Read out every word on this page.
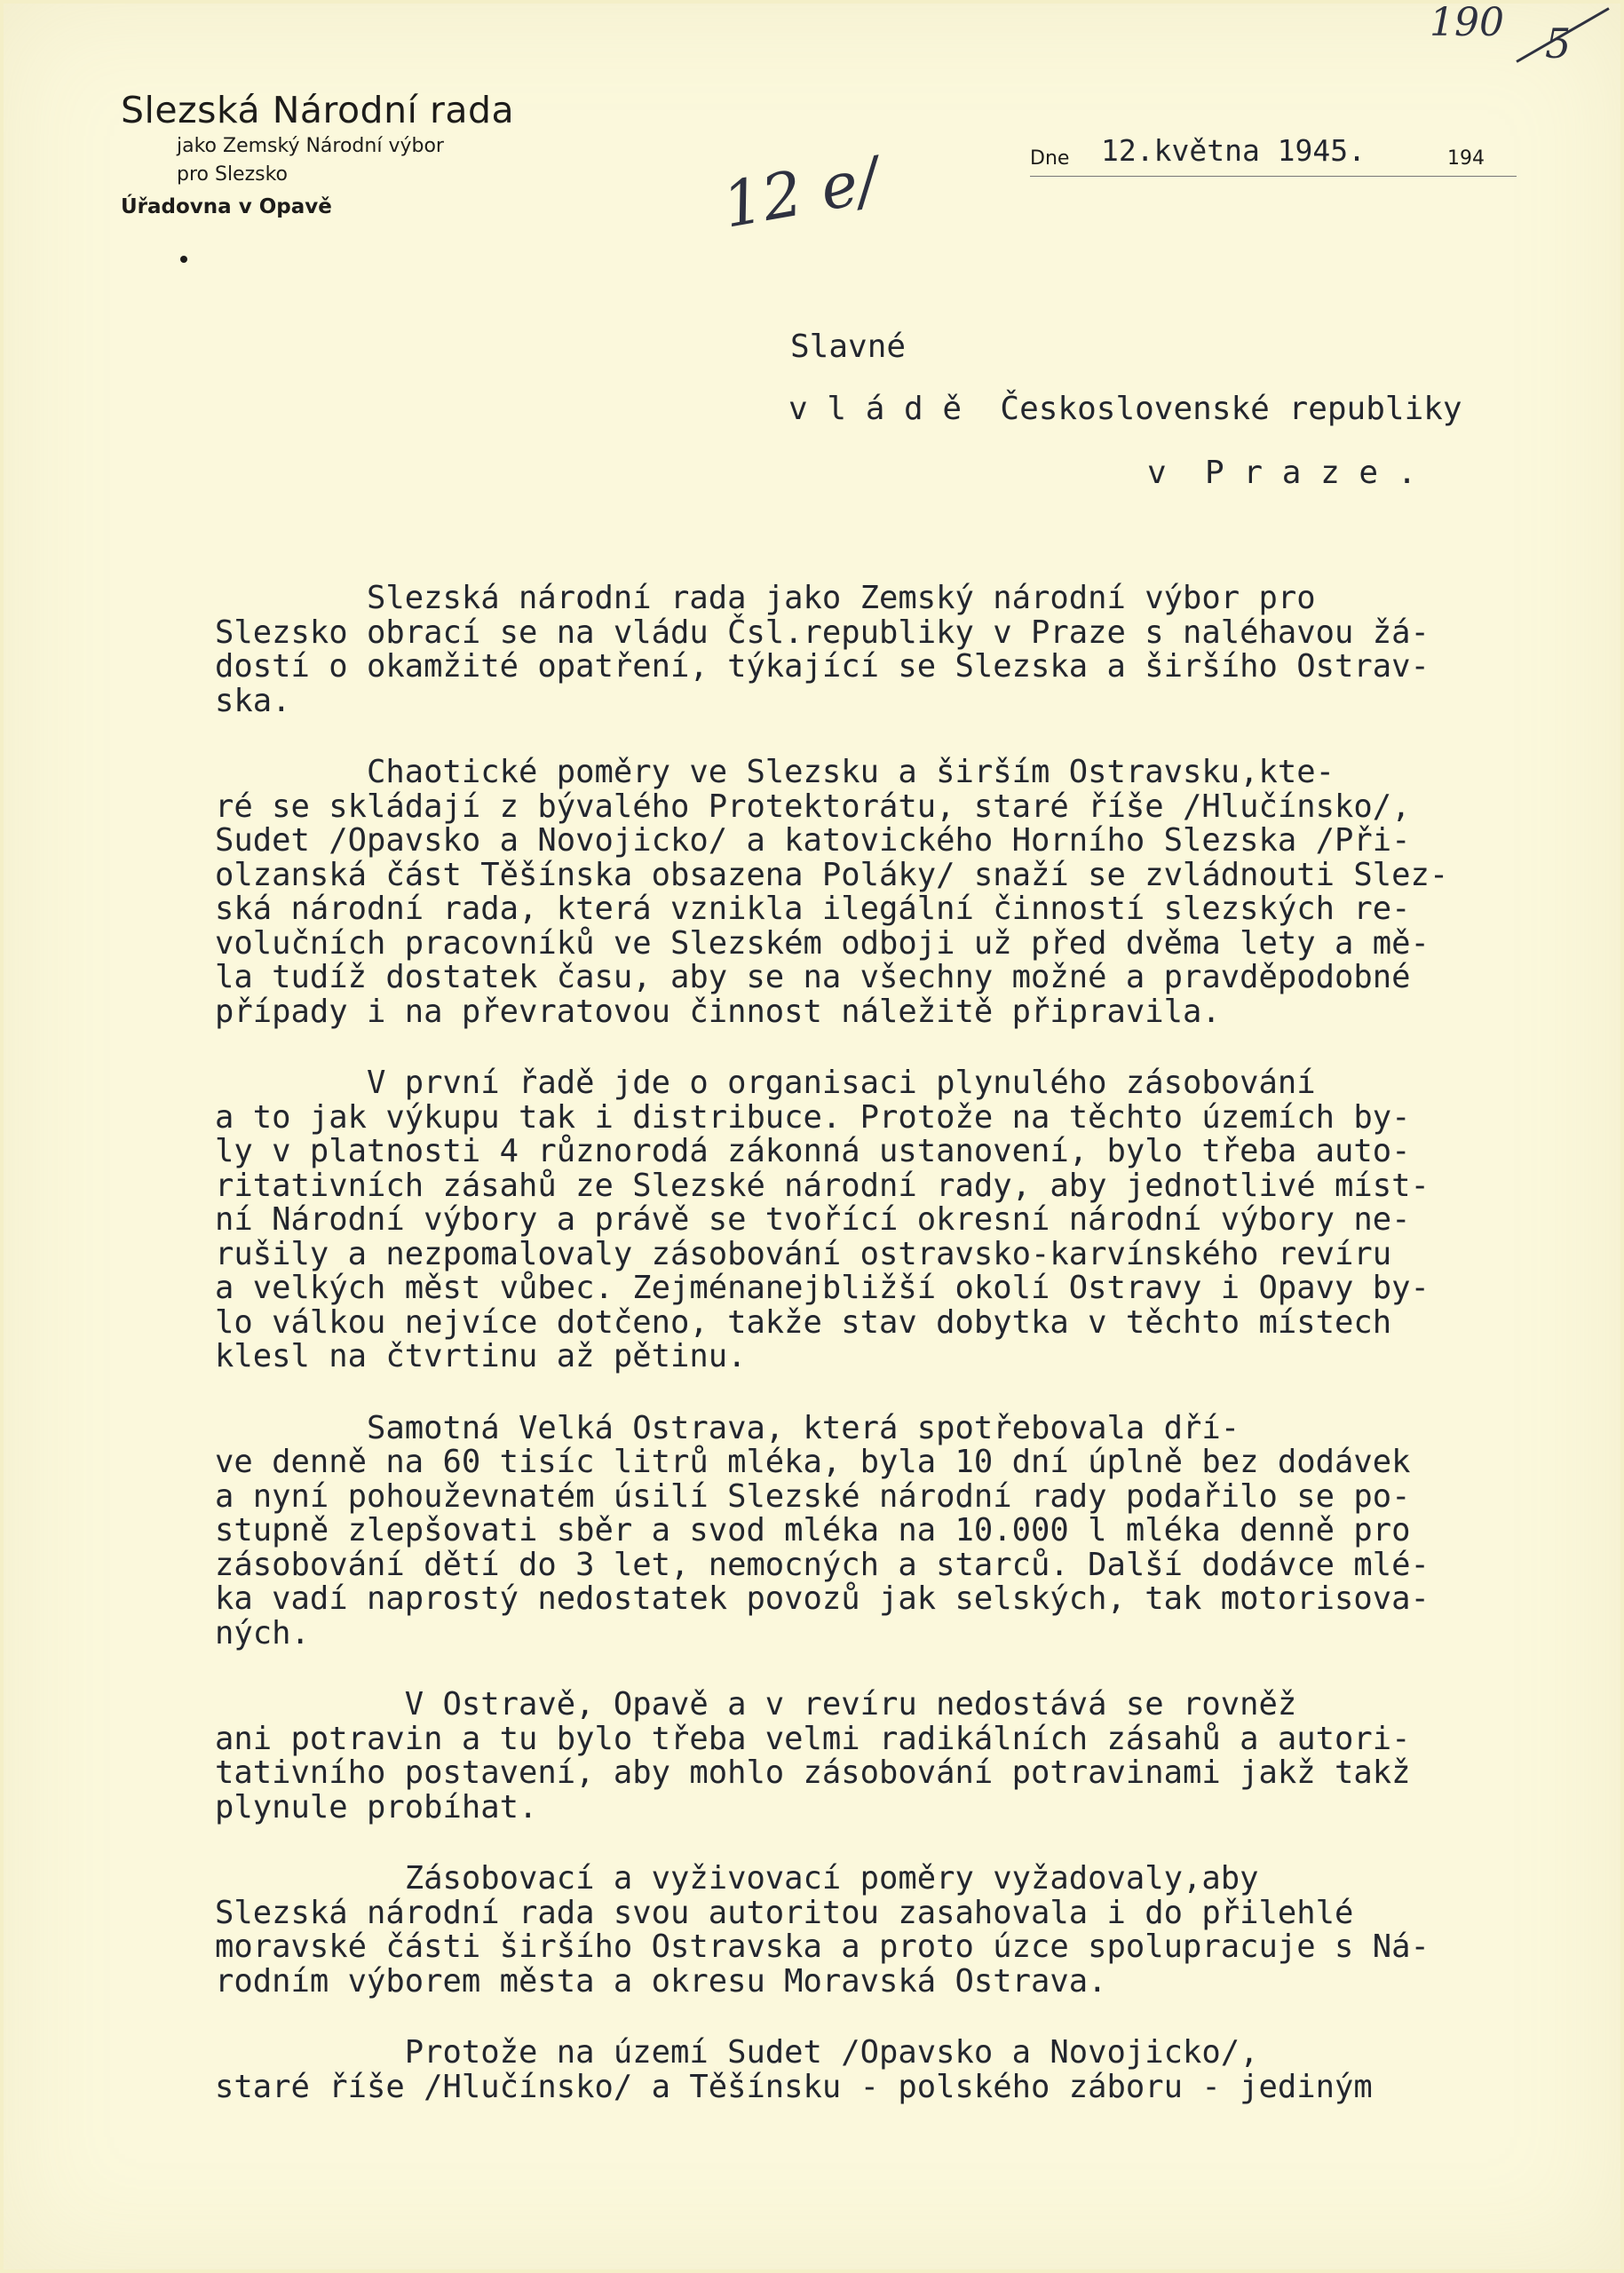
Slezská Národní rada
jako Zemský Národní výbor
pro Slezsko
Úřadovna v Opavě
190 5
12 e/	Dne 12.května 1945.	194
Slavné
v l á d ě  Československé republiky
v  P r a z e .
Slezská národní rada jako Zemský národní výbor pro
Slezsko obrací se na vládu Čsl.republiky v Praze s naléhavou žá-
dostí o okamžité opatření, týkající se Slezska a širšího Ostrav-
ska.
Chaotické poměry ve Slezsku a širším Ostravsku,kte-
ré se skládají z bývalého Protektorátu, staré říše /Hlučínsko/,
Sudet /Opavsko a Novojicko/ a katovického Horního Slezska /Při-
olzanská část Těšínska obsazena Poláky/ snaží se zvládnouti Slez-
ská národní rada, která vznikla ilegální činností slezských re-
volučních pracovníků ve Slezském odboji už před dvěma lety a mě-
la tudíž dostatek času, aby se na všechny možné a pravděpodobné
případy i na převratovou činnost náležitě připravila.
V první řadě jde o organisaci plynulého zásobování
a to jak výkupu tak i distribuce. Protože na těchto územích by-
ly v platnosti 4 různorodá zákonná ustanovení, bylo třeba auto-
ritativních zásahů ze Slezské národní rady, aby jednotlivé míst-
ní Národní výbory a právě se tvořící okresní národní výbory ne-
rušily a nezpomalovaly zásobování ostravsko-karvínského revíru
a velkých měst vůbec. Zejménanejbližší okolí Ostravy i Opavy by-
lo válkou nejvíce dotčeno, takže stav dobytka v těchto místech
klesl na čtvrtinu až pětinu.
Samotná Velká Ostrava, která spotřebovala dří-
ve denně na 60 tisíc litrů mléka, byla 10 dní úplně bez dodávek
a nyní pohouževnatém úsilí Slezské národní rady podařilo se po-
stupně zlepšovati sběr a svod mléka na 10.000 l mléka denně pro
zásobování dětí do 3 let, nemocných a starců. Další dodávce mlé-
ka vadí naprostý nedostatek povozů jak selských, tak motorisova-
ných.
V Ostravě, Opavě a v revíru nedostává se rovněž
ani potravin a tu bylo třeba velmi radikálních zásahů a autori-
tativního postavení, aby mohlo zásobování potravinami jakž takž
plynule probíhat.
Zásobovací a vyživovací poměry vyžadovaly,aby
Slezská národní rada svou autoritou zasahovala i do přilehlé
moravské části širšího Ostravska a proto úzce spolupracuje s Ná-
rodním výborem města a okresu Moravská Ostrava.
Protože na území Sudet /Opavsko a Novojicko/,
staré říše /Hlučínsko/ a Těšínsku - polského záboru - jediným
